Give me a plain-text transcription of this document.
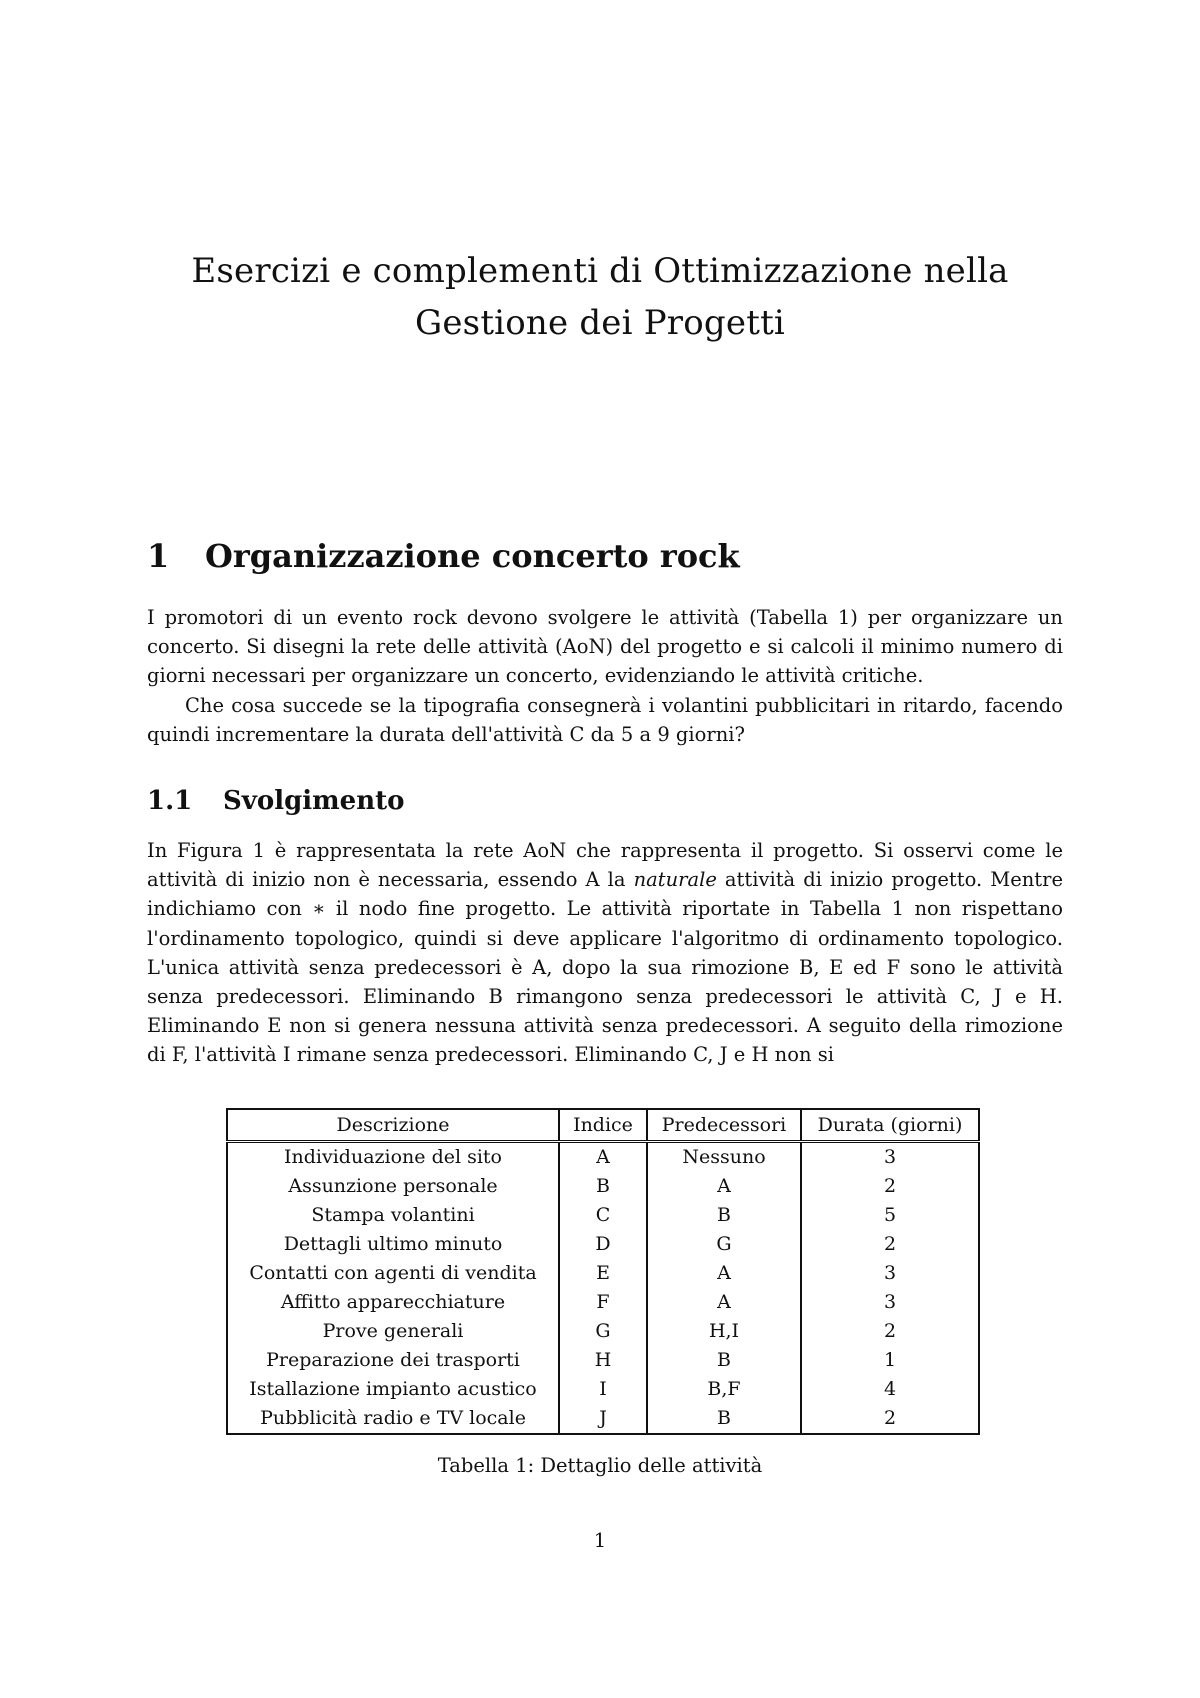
Esercizi e complementi di Ottimizzazione nella
Gestione dei Progetti
1 Organizzazione concerto rock

I promotori di un evento rock devono svolgere le attività (Tabella 1) per organizzare un concerto. Si disegni la rete delle attività (AoN) del progetto e si calcoli il minimo numero di giorni necessari per organizzare un concerto, evidenziando le attività critiche.

Che cosa succede se la tipografia consegnerà i volantini pubblicitari in ritardo, facendo quindi incrementare la durata dell'attività C da 5 a 9 giorni?

1.1 Svolgimento

In Figura 1 è rappresentata la rete AoN che rappresenta il progetto. Si osservi come le attività di inizio non è necessaria, essendo A la naturale attività di inizio progetto. Mentre indichiamo con ∗ il nodo fine progetto. Le attività riportate in Tabella 1 non rispettano l'ordinamento topologico, quindi si deve applicare l'algoritmo di ordinamento topologico. L'unica attività senza predecessori è A, dopo la sua rimozione B, E ed F sono le attività senza predecessori. Eliminando B rimangono senza predecessori le attività C, J e H. Eliminando E non si genera nessuna attività senza predecessori. A seguito della rimozione di F, l'attività I rimane senza predecessori. Eliminando C, J e H non si

Descrizione	Indice	Predecessori	Durata (giorni)
Individuazione del sito	A	Nessuno	3
Assunzione personale	B	A	2
Stampa volantini	C	B	5
Dettagli ultimo minuto	D	G	2
Contatti con agenti di vendita	E	A	3
Affitto apparecchiature	F	A	3
Prove generali	G	H,I	2
Preparazione dei trasporti	H	B	1
Istallazione impianto acustico	I	B,F	4
Pubblicità radio e TV locale	J	B	2
Tabella 1: Dettaglio delle attività
1
